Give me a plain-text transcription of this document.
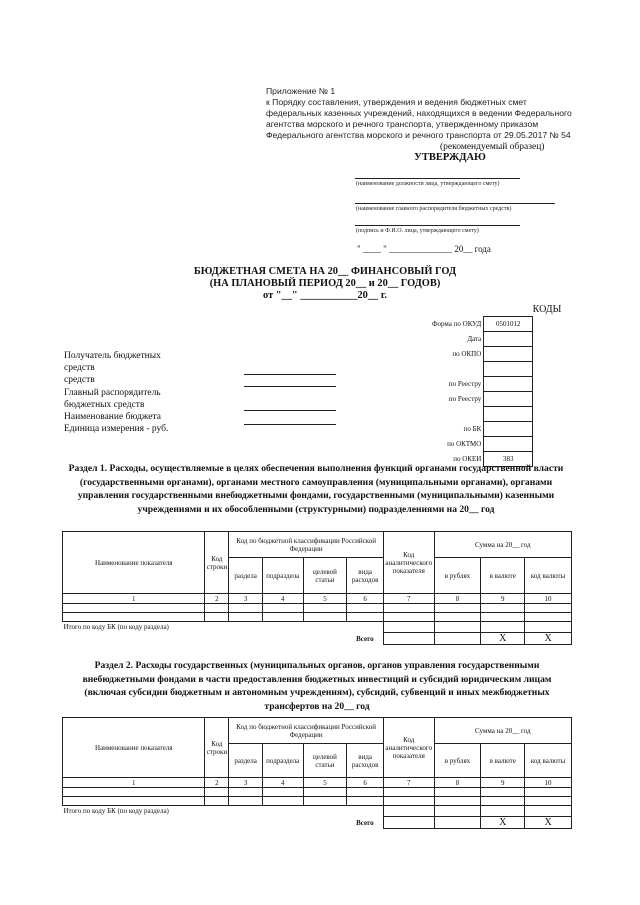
Приложение № 1
к Порядку составления, утверждения и ведения бюджетных смет
федеральных казенных учреждений, находящихся в ведении Федерального
агентства морского и речного транспорта, утвержденному приказом
Федерального агентства морского и речного транспорта от 29.05.2017 № 54
(рекомендуемый образец)
УТВЕРЖДАЮ
(наименование должности лица, утверждающего смету)
(наименование главного распорядителя бюджетных средств)
(подпись и Ф.И.О. лица, утверждающего смету)
" ____ " ______________ 20__ года
БЮДЖЕТНАЯ СМЕТА НА 20__ ФИНАНСОВЫЙ ГОД
(НА ПЛАНОВЫЙ ПЕРИОД 20__ и 20__ ГОДОВ)
от "__" ___________20__ г.
КОДЫ
Форма по ОКУД	0501012
Дата	
по ОКПО	

по Реестру	
по Реестру	

по БК	
по ОКТМО	
по ОКЕИ	383
Получатель бюджетных
средств
средств
Главный распорядитель
бюджетных средств
Наименование бюджета
Единица измерения - руб.
Раздел 1. Расходы, осуществляемые в целях обеспечения выполнения функций органами государственной власти (государственными органами), органами местного самоуправления (муниципальными органами), органами управления государственными внебюджетными фондами, государственными (муниципальными) казенными учреждениями и их обособленными (структурными) подразделениями на 20__ год
Наименование показателя	Код строки	Код по бюджетной классификации Российской Федерации				Код аналитического показателя	Сумма на 20__ год		
		раздела	подраздела	целевой статьи	вида расходов		в рублях	в валюте	код валюты
1	2	3	4	5	6	7	8	9	10

Итого по коду БК (по коду раздела)									
					Всего			X	X
Раздел 2. Расходы государственных (муниципальных органов, органов управления государственными внебюджетными фондами в части предоставления бюджетных инвестиций и субсидий юридическим лицам (включая субсидии бюджетным и автономным учреждениям), субсидий, субвенций и иных межбюджетных трансфертов на 20__ год
Наименование показателя	Код строки	Код по бюджетной классификации Российской Федерации				Код аналитического показателя	Сумма на 20__ год		
		раздела	подраздела	целевой статьи	вида расходов		в рублях	в валюте	код валюты
1	2	3	4	5	6	7	8	9	10

Итого по коду БК (по коду раздела)									
					Всего			X	X
